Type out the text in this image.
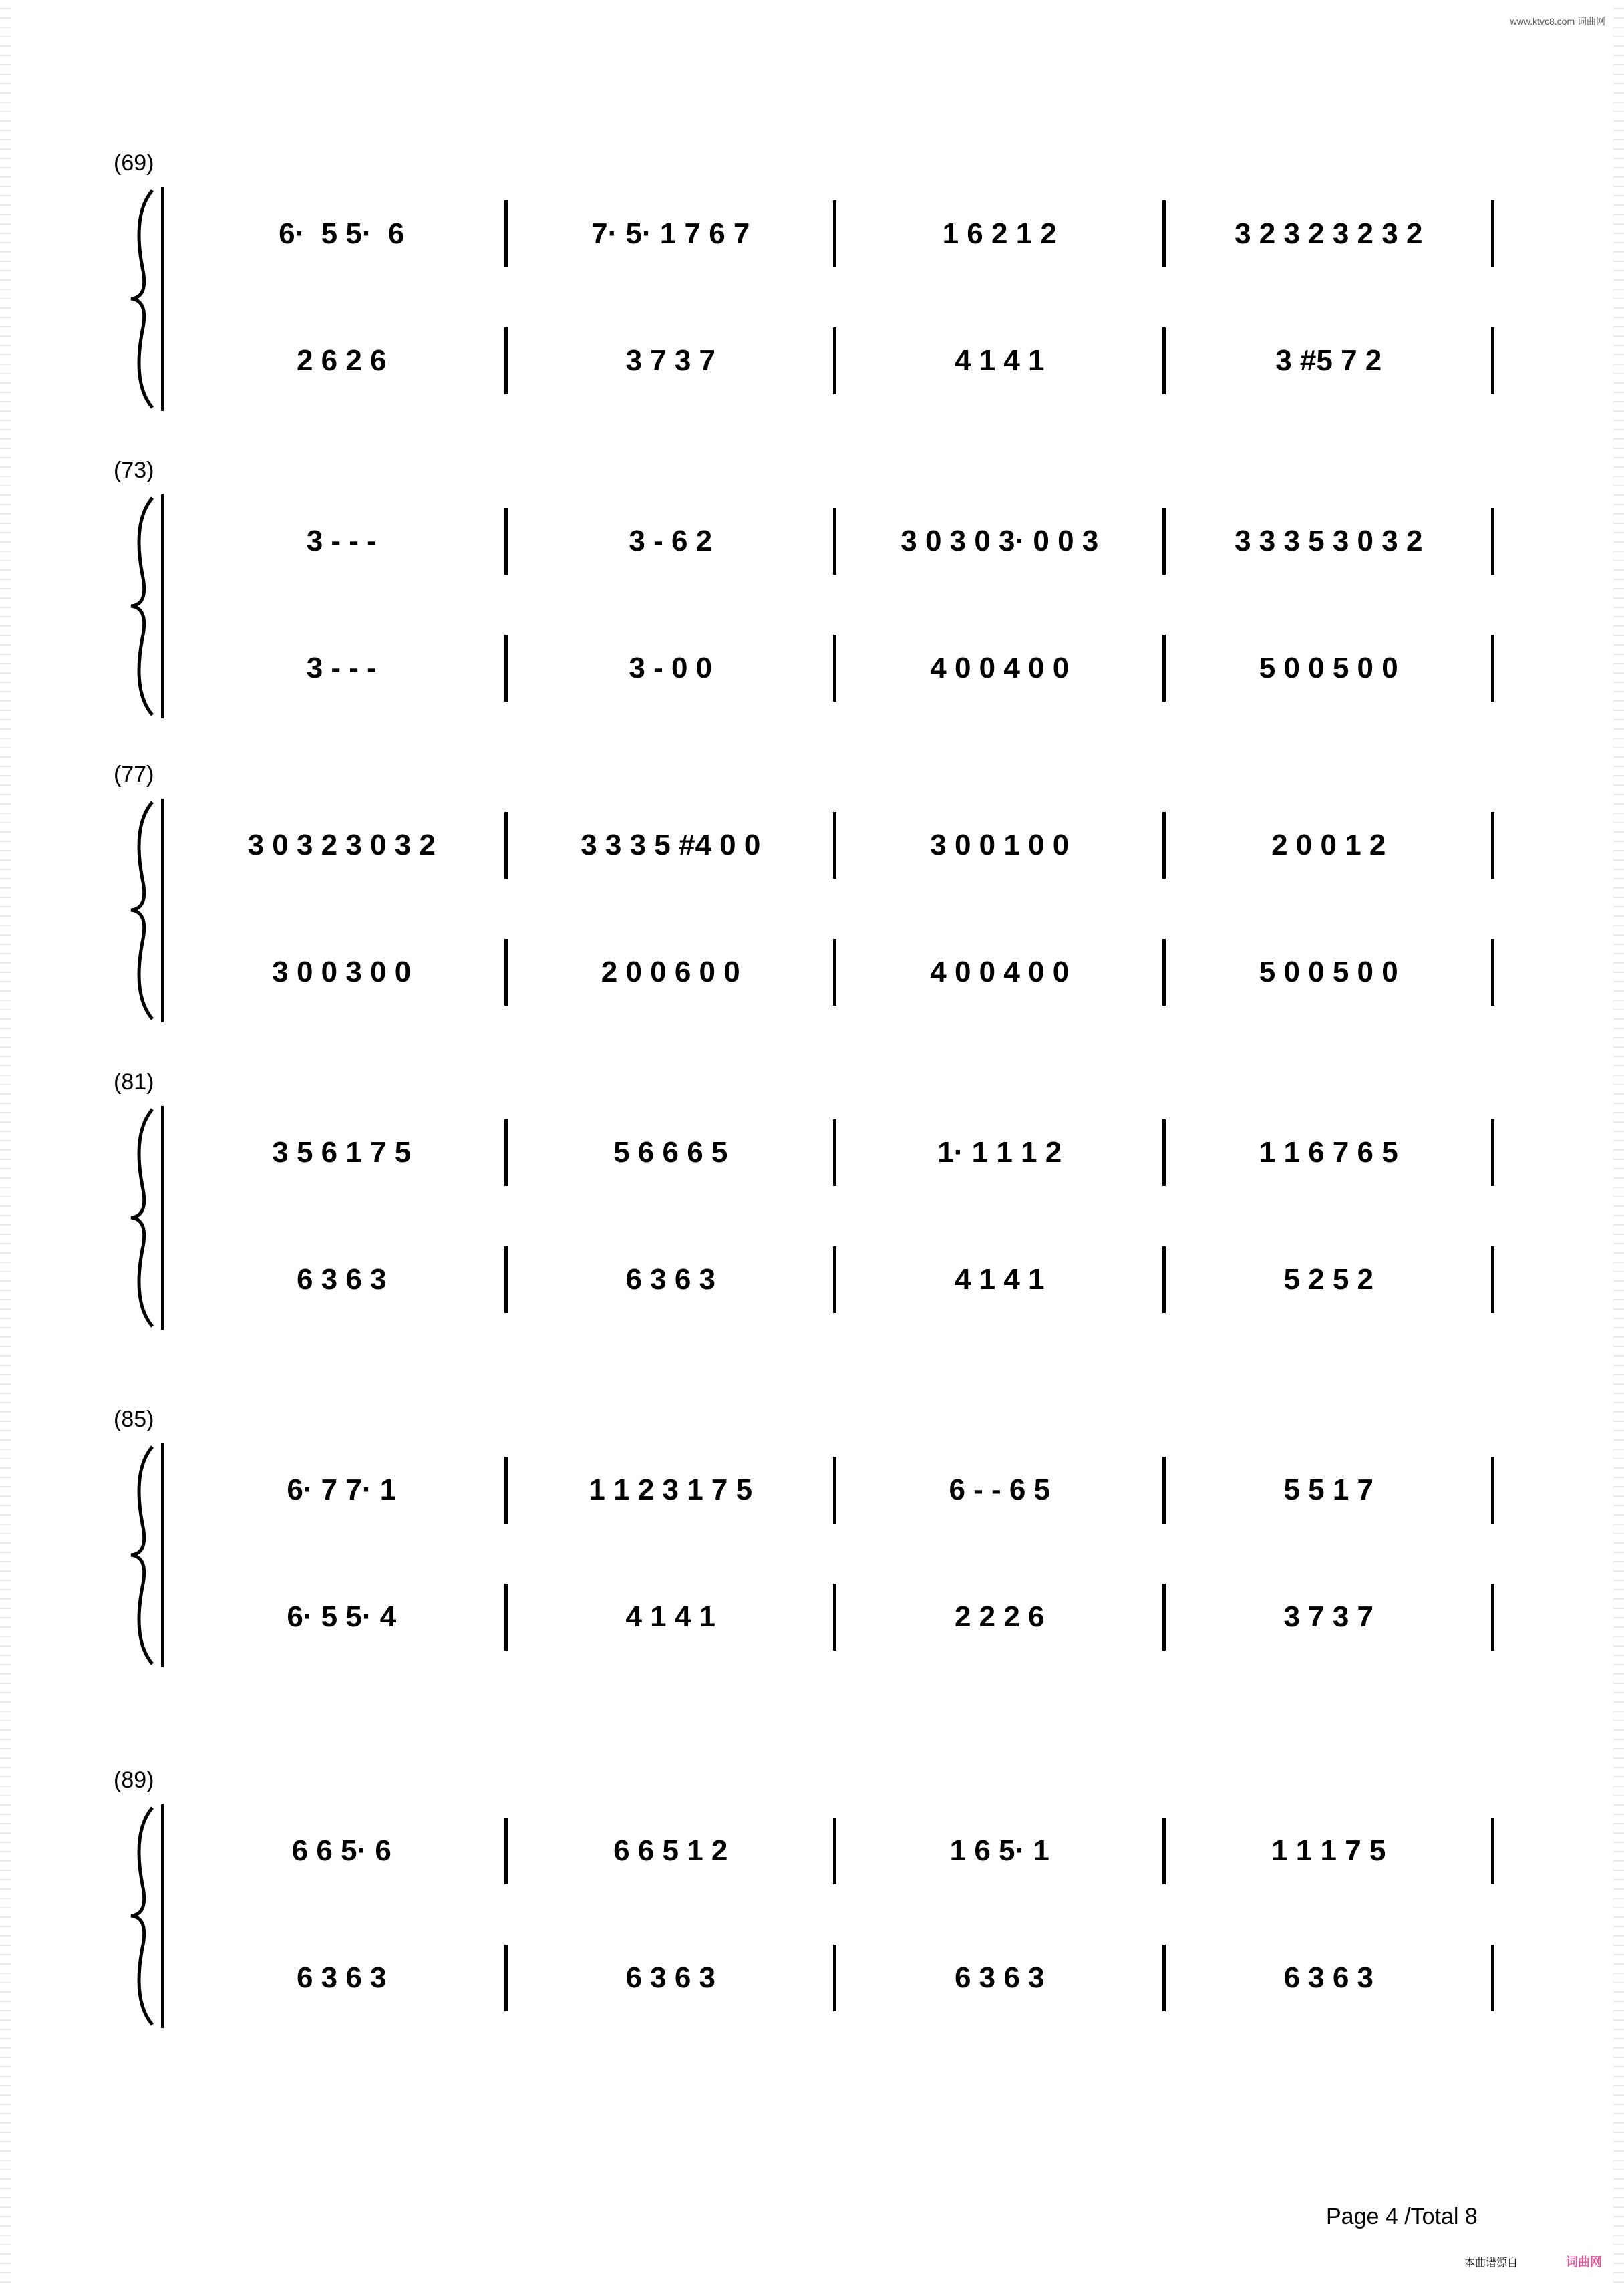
www.ktvc8.com 词曲网
(69)
6·  5 5·  6	7· 5· 1 7 6 7	1 6 2 1 2	3 2 3 2 3 2 3 2
2 6 2 6	3 7 3 7	4 1 4 1	3 #5 7 2
(73)
3 - - -	3 - 6 2	3 0 3 0 3· 0 0 3	3 3 3 5 3 0 3 2
3 - - -	3 - 0 0	4 0 0 4 0 0	5 0 0 5 0 0
(77)
3 0 3 2 3 0 3 2	3 3 3 5 #4 0 0	3 0 0 1 0 0	2 0 0 1 2
3 0 0 3 0 0	2 0 0 6 0 0	4 0 0 4 0 0	5 0 0 5 0 0
(81)
3 5 6 1 7 5	5 6 6 6 5	1· 1 1 1 2	1 1 6 7 6 5
6 3 6 3	6 3 6 3	4 1 4 1	5 2 5 2
(85)
6· 7 7· 1	1 1 2 3 1 7 5	6 - - 6 5	5 5 1 7
6· 5 5· 4	4 1 4 1	2 2 2 6	3 7 3 7
(89)
6 6 5· 6	6 6 5 1 2	1 6 5· 1	1 1 1 7 5
6 3 6 3	6 3 6 3	6 3 6 3	6 3 6 3
Page 4 /Total 8
本曲谱源自	词曲网
